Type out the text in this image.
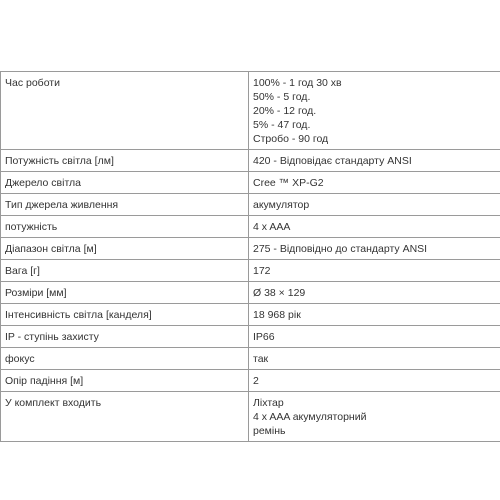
Час роботи	100% - 1 год 30 хв
50% - 5 год.
20% - 12 год.
5% - 47 год.
Стробо - 90 год

Потужність світла [лм]	420 - Відповідає стандарту ANSI

Джерело світла	Cree ™ XP-G2

Тип джерела живлення	акумулятор

потужність	4 x AAA

Діапазон світла [м]	275 - Відповідно до стандарту ANSI

Вага [г]	172

Розміри [мм]	Ø 38 × 129

Інтенсивність світла [канделя]	18 968 рік

IP - ступінь захисту	IP66

фокус	так

Опір падіння [м]	2

У комплект входить	Ліхтар
4 x AAA акумуляторний
ремінь
